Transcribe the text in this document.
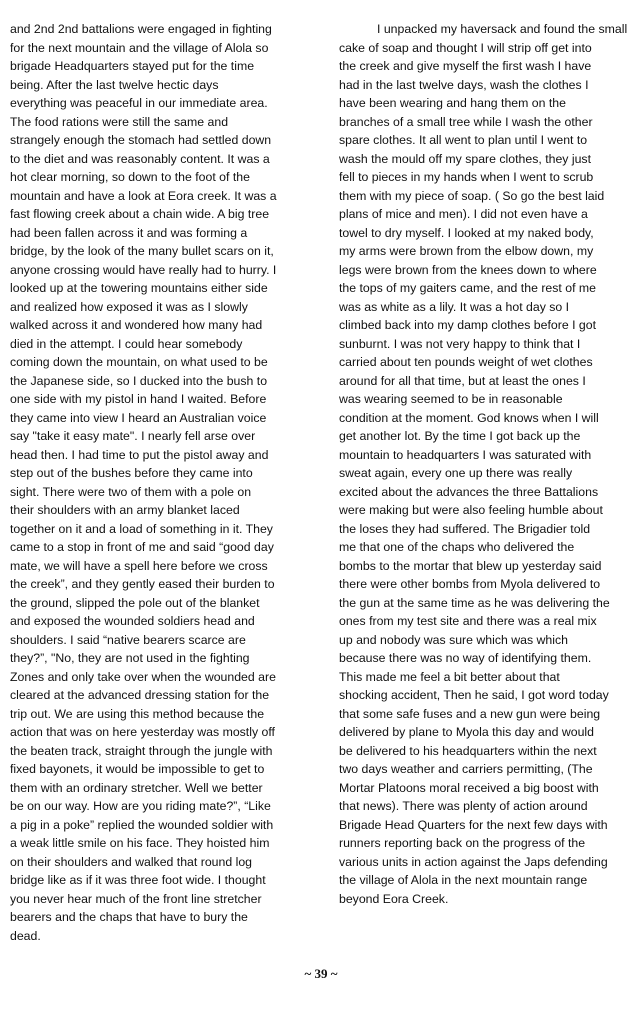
and 2nd 2nd battalions were engaged in fighting
for the next mountain and the village of Alola so
brigade Headquarters stayed put for the time
being. After the last twelve hectic days
everything was peaceful in our immediate area.
The food rations were still the same and
strangely enough the stomach had settled down
to the diet and was reasonably content. It was a
hot clear morning, so down to the foot of the
mountain and have a look at Eora creek. It was a
fast flowing creek about a chain wide. A big tree
had been fallen across it and was forming a
bridge, by the look of the many bullet scars on it,
anyone crossing would have really had to hurry. I
looked up at the towering mountains either side
and realized how exposed it was as I slowly
walked across it and wondered how many had
died in the attempt. I could hear somebody
coming down the mountain, on what used to be
the Japanese side, so I ducked into the bush to
one side with my pistol in hand I waited. Before
they came into view I heard an Australian voice
say "take it easy mate". I nearly fell arse over
head then. I had time to put the pistol away and
step out of the bushes before they came into
sight. There were two of them with a pole on
their shoulders with an army blanket laced
together on it and a load of something in it. They
came to a stop in front of me and said “good day
mate, we will have a spell here before we cross
the creek”, and they gently eased their burden to
the ground, slipped the pole out of the blanket
and exposed the wounded soldiers head and
shoulders. I said “native bearers scarce are
they?”, "No, they are not used in the fighting
Zones and only take over when the wounded are
cleared at the advanced dressing station for the
trip out. We are using this method because the
action that was on here yesterday was mostly off
the beaten track, straight through the jungle with
fixed bayonets, it would be impossible to get to
them with an ordinary stretcher. Well we better
be on our way. How are you riding mate?”, “Like
a pig in a poke” replied the wounded soldier with
a weak little smile on his face. They hoisted him
on their shoulders and walked that round log
bridge like as if it was three foot wide. I thought
you never hear much of the front line stretcher
bearers and the chaps that have to bury the
dead.
I unpacked my haversack and found the small
cake of soap and thought I will strip off get into
the creek and give myself the first wash I have
had in the last twelve days, wash the clothes I
have been wearing and hang them on the
branches of a small tree while I wash the other
spare clothes. It all went to plan until I went to
wash the mould off my spare clothes, they just
fell to pieces in my hands when I went to scrub
them with my piece of soap. ( So go the best laid
plans of mice and men). I did not even have a
towel to dry myself. I looked at my naked body,
my arms were brown from the elbow down, my
legs were brown from the knees down to where
the tops of my gaiters came, and the rest of me
was as white as a lily. It was a hot day so I
climbed back into my damp clothes before I got
sunburnt. I was not very happy to think that I
carried about ten pounds weight of wet clothes
around for all that time, but at least the ones I
was wearing seemed to be in reasonable
condition at the moment. God knows when I will
get another lot. By the time I got back up the
mountain to headquarters I was saturated with
sweat again, every one up there was really
excited about the advances the three Battalions
were making but were also feeling humble about
the loses they had suffered. The Brigadier told
me that one of the chaps who delivered the
bombs to the mortar that blew up yesterday said
there were other bombs from Myola delivered to
the gun at the same time as he was delivering the
ones from my test site and there was a real mix
up and nobody was sure which was which
because there was no way of identifying them.
This made me feel a bit better about that
shocking accident, Then he said, I got word today
that some safe fuses and a new gun were being
delivered by plane to Myola this day and would
be delivered to his headquarters within the next
two days weather and carriers permitting, (The
Mortar Platoons moral received a big boost with
that news). There was plenty of action around
Brigade Head Quarters for the next few days with
runners reporting back on the progress of the
various units in action against the Japs defending
the village of Alola in the next mountain range
beyond Eora Creek.
~ 39 ~
